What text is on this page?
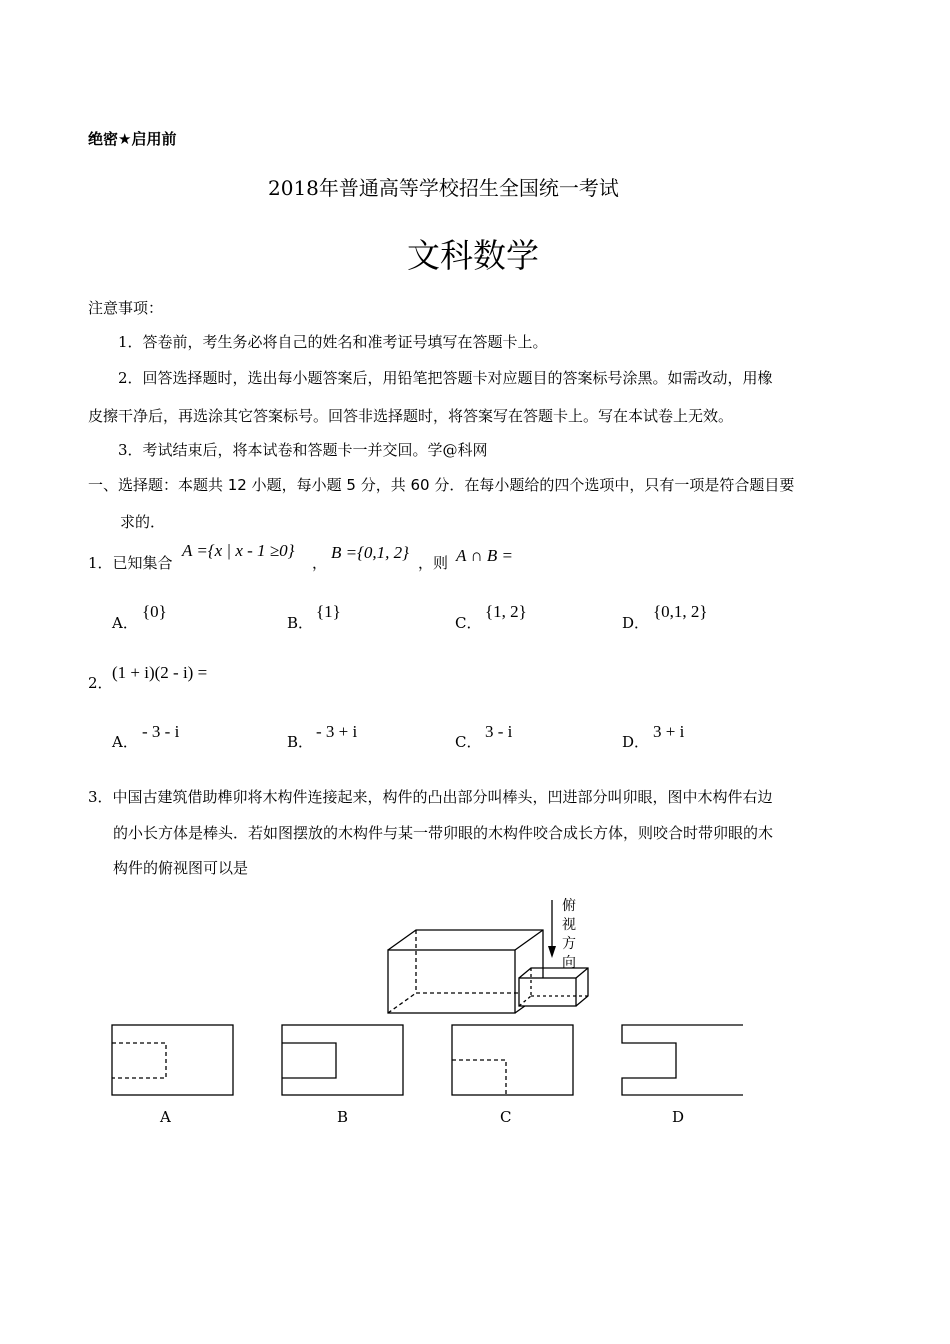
绝密★启用前
2018年普通高等学校招生全国统一考试
文科数学
注意事项：
1．答卷前，考生务必将自己的姓名和准考证号填写在答题卡上。
2．回答选择题时，选出每小题答案后，用铅笔把答题卡对应题目的答案标号涂黑。如需改动，用橡
皮擦干净后，再选涂其它答案标号。回答非选择题时，将答案写在答题卡上。写在本试卷上无效。
3．考试结束后，将本试卷和答题卡一并交回。学@科网
一、选择题：本题共 12 小题，每小题 5 分，共 60 分．在每小题给的四个选项中，只有一项是符合题目要
求的．
1．已知集合
A ={x | x - 1 ≥0}
，
B ={0,1, 2}
，则 A ∩ B =
A．
{0}
B．
{1}
C．
{1, 2}
D．
{0,1, 2}
2．
(1 + i)(2 - i) =
A．
- 3 - i
B．
- 3 + i
C．
3 - i
D．
3 + i
3．中国古建筑借助榫卯将木构件连接起来，构件的凸出部分叫棒头，凹进部分叫卯眼，图中木构件右边
的小长方体是棒头．若如图摆放的木构件与某一带卯眼的木构件咬合成长方体，则咬合时带卯眼的木
构件的俯视图可以是
俯
视
方
向
A	B	C	D
